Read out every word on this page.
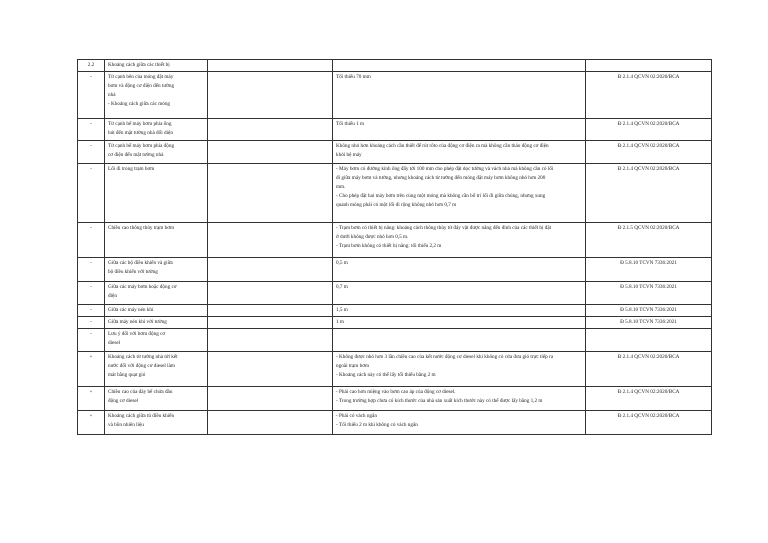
2.2	Khoảng cách giữa các thiết bị				

-	Từ cạnh bên của móng đặt máy
bơm và động cơ điện đến tường
nhà
- Khoảng cách giữa các móng		Tối thiểu 70 mm	Đ 2.1.4 QCVN 02:2020/BCA	
-	Từ cạnh bể máy bơm phía ống
hút đến mặt tường nhà đối diện		Tối thiểu 1 m	Đ 2.1.4 QCVN 02:2020/BCA	
-	Từ cạnh bể máy bơm phía động
cơ điện đến mặt tường nhà		Không nhỏ hơn khoảng cách cần thiết để rút rôto của động cơ điện ra mà không cần tháo động cơ điện
khỏi bệ máy	Đ 2.1.4 QCVN 02:2020/BCA	
-	Lối đi trong trạm bơm		- Máy bơm có đường kính ống đẩy tới 100 mm cho phép đặt dọc tường và vách nhà mà không cần có lối
đi giữa máy bơm và tường, nhưng khoảng cách từ tường đến móng đặt máy bơm không nhỏ hơn 200
mm.
- Cho phép đặt hai máy bơm trên cùng một móng mà không cần bố trí lối đi giữa chúng, nhưng xung
quanh móng phải có một lối đi rộng không nhỏ hơn 0,7 m	Đ 2.1.4 QCVN 02:2020/BCA	
-	Chiều cao thông thủy trạm bơm		- Trạm bơm có thiết bị nâng: khoảng cách thông thủy từ đáy vật được nâng đến đỉnh của các thiết bị đặt
ở dưới không được nhỏ hơn 0,5 m.
- Trạm bơm không có thiết bị nâng: tối thiểu 2,2 m	Đ 2.1.5 QCVN 02:2020/BCA	
-	Giữa các bộ điều khiển và giữa
bộ điều khiển với tường		0,5 m	Đ 5.8.10 TCVN 7336:2021	
-	Giữa các máy bơm hoặc động cơ
điện		0,7 m	Đ 5.8.10 TCVN 7336:2021	
-	Giữa các máy nén khí		1,5 m	Đ 5.8.10 TCVN 7336:2021	
-	Giữa máy nén khí với tường		1 m	Đ 5.8.10 TCVN 7336:2021	
-	Lưu ý đối với bơm động cơ
diesel				

+	Khoảng cách từ tường nhà tới kết
nước đối với động cơ diesel làm
mát bằng quạt gió		- Không được nhỏ hơn 3 lần chiều cao của kết nước động cơ diesel khi không có cửa đưa gió trực tiếp ra
ngoài trạm bơm
- Khoảng cách này có thể lấy tối thiểu bằng 2 m	Đ 2.1.4 QCVN 02:2020/BCA	
+	Chiều cao của đáy bể chứa dầu
động cơ diesel		- Phải cao hơn miệng vào bơm cao áp của động cơ diesel.
- Trong trường hợp chưa có kích thước của nhà sản xuất kích thước này có thể được lấy bằng 1,2 m	Đ 2.1.4 QCVN 02:2020/BCA	
+	Khoảng cách giữa tủ điều khiển
và bồn nhiên liệu		- Phải có vách ngăn
- Tối thiểu 2 m khi không có vách ngăn	Đ 2.1.4 QCVN 02:2020/BCA	
